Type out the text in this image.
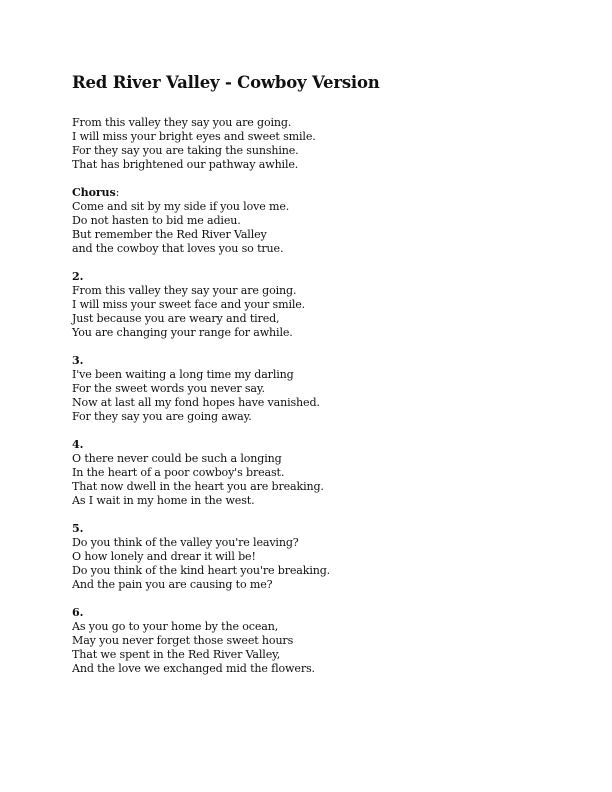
Red River Valley - Cowboy Version
From this valley they say you are going.
I will miss your bright eyes and sweet smile.
For they say you are taking the sunshine.
That has brightened our pathway awhile.
Chorus:
Come and sit by my side if you love me.
Do not hasten to bid me adieu.
But remember the Red River Valley
and the cowboy that loves you so true.
2.
From this valley they say your are going.
I will miss your sweet face and your smile.
Just because you are weary and tired,
You are changing your range for awhile.
3.
I've been waiting a long time my darling
For the sweet words you never say.
Now at last all my fond hopes have vanished.
For they say you are going away.
4.
O there never could be such a longing
In the heart of a poor cowboy's breast.
That now dwell in the heart you are breaking.
As I wait in my home in the west.
5.
Do you think of the valley you're leaving?
O how lonely and drear it will be!
Do you think of the kind heart you're breaking.
And the pain you are causing to me?
6.
As you go to your home by the ocean,
May you never forget those sweet hours
That we spent in the Red River Valley,
And the love we exchanged mid the flowers.
